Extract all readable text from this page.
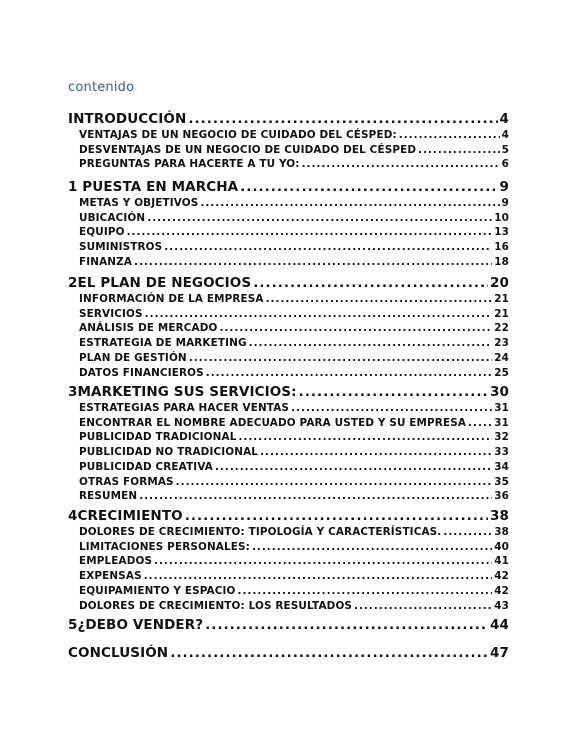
contenido
INTRODUCCIÓN .....	4
VENTAJAS DE UN NEGOCIO DE CUIDADO DEL CÉSPED: .....	4
DESVENTAJAS DE UN NEGOCIO DE CUIDADO DEL CÉSPED .....	5
PREGUNTAS PARA HACERTE A TU YO: .....	6
1 PUESTA EN MARCHA .....	9
METAS Y OBJETIVOS .....	9
UBICACIÓN .....	10
EQUIPO .....	13
SUMINISTROS .....	16
FINANZA .....	18
2EL PLAN DE NEGOCIOS .....	20
INFORMACIÓN DE LA EMPRESA .....	21
SERVICIOS .....	21
ANÁLISIS DE MERCADO .....	22
ESTRATEGIA DE MARKETING .....	23
PLAN DE GESTIÓN .....	24
DATOS FINANCIEROS .....	25
3MARKETING SUS SERVICIOS: .....	30
ESTRATEGIAS PARA HACER VENTAS .....	31
ENCONTRAR EL NOMBRE ADECUADO PARA USTED Y SU EMPRESA .....	31
PUBLICIDAD TRADICIONAL .....	32
PUBLICIDAD NO TRADICIONAL .....	33
PUBLICIDAD CREATIVA .....	34
OTRAS FORMAS .....	35
RESUMEN .....	36
4CRECIMIENTO .....	38
DOLORES DE CRECIMIENTO: TIPOLOGÍA Y CARACTERÍSTICAS. .....	38
LIMITACIONES PERSONALES: .....	40
EMPLEADOS .....	41
EXPENSAS .....	42
EQUIPAMIENTO Y ESPACIO .....	42
DOLORES DE CRECIMIENTO: LOS RESULTADOS .....	43
5¿DEBO VENDER? .....	44
CONCLUSIÓN .....	47
